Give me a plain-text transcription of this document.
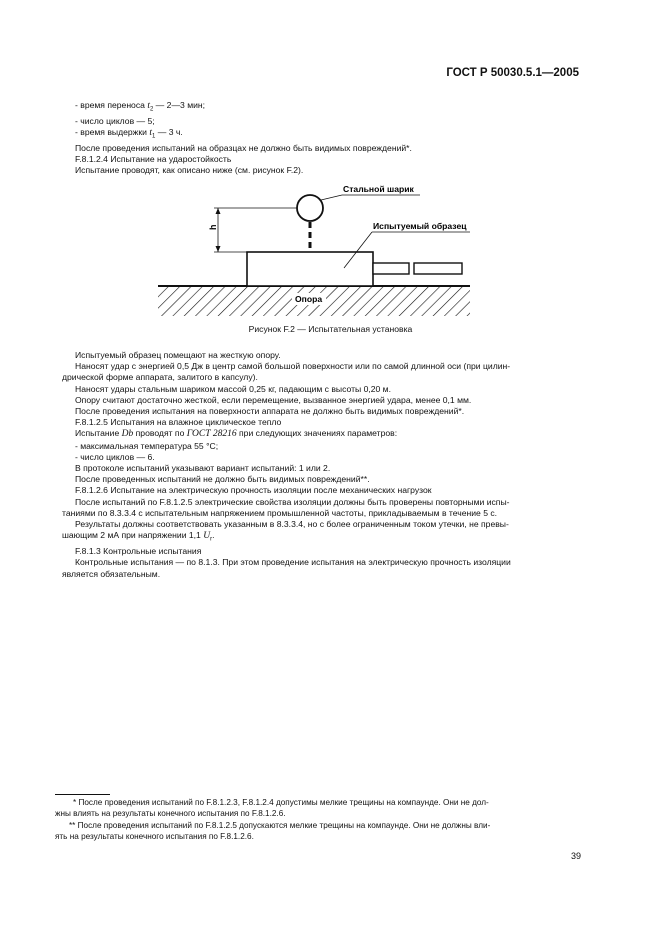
ГОСТ Р 50030.5.1—2005

- время переноса $t_2$ — 2—3 мин;

- число циклов — 5;

- время выдержки $t_1$ — 3 ч.

После проведения испытаний на образцах не должно быть видимых повреждений*.

F.8.1.2.4 Испытание на ударостойкость

Испытание проводят, как описано ниже (см. рисунок F.2).

h
Стальной шарик
Испытуемый образец
Опора
Рисунок F.2 — Испытательная установка

Испытуемый образец помещают на жесткую опору.

Наносят удар с энергией 0,5 Дж в центр самой большой поверхности или по самой длинной оси (при цилин-

дрической форме аппарата, залитого в капсулу).

Наносят удары стальным шариком массой 0,25 кг, падающим с высоты 0,20 м.

Опору считают достаточно жесткой, если перемещение, вызванное энергией удара, менее 0,1 мм.

После проведения испытания на поверхности аппарата не должно быть видимых повреждений*.

F.8.1.2.5 Испытания на влажное циклическое тепло

Испытание Db проводят по ГОСТ 28216 при следующих значениях параметров:

- максимальная температура 55 °С;

- число циклов — 6.

В протоколе испытаний указывают вариант испытаний: 1 или 2.

После проведенных испытаний не должно быть видимых повреждений**.

F.8.1.2.6 Испытание на электрическую прочность изоляции после механических нагрузок

После испытаний по F.8.1.2.5 электрические свойства изоляции должны быть проверены повторными испы-

таниями по 8.3.3.4 с испытательным напряжением промышленной частоты, прикладываемым в течение 5 с.

Результаты должны соответствовать указанным в 8.3.3.4, но с более ограниченным током утечки, не превы-

шающим 2 мА при напряжении 1,1 $U_r$.

F.8.1.3 Контрольные испытания

Контрольные испытания — по 8.1.3. При этом проведение испытания на электрическую прочность изоляции

является обязательным.

* После проведения испытаний по F.8.1.2.3, F.8.1.2.4 допустимы мелкие трещины на компаунде. Они не дол-
жны влиять на результаты конечного испытания по F.8.1.2.6.
** После проведения испытаний по F.8.1.2.5 допускаются мелкие трещины на компаунде. Они не должны вли-
ять на результаты конечного испытания по F.8.1.2.6.
39
